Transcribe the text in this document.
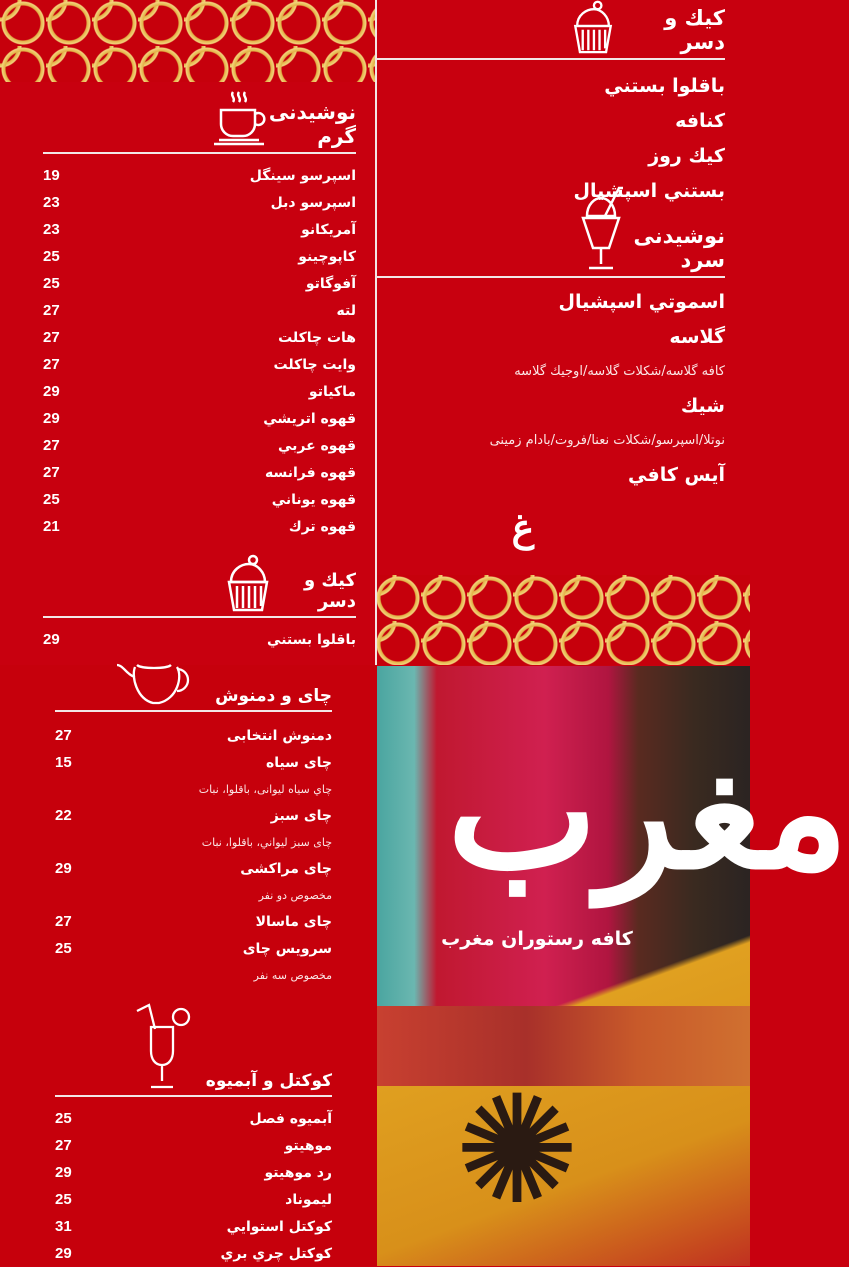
نوشیدنی گرم
اسپرسو سینگل
19
اسپرسو دبل
23
آمریکانو
23
کاپوچینو
25
آفوگاتو
25
لته
27
هات چاکلت
27
وایت چاکلت
27
ماکیاتو
29
قهوه اتریشي
29
قهوه عربي
27
قهوه فرانسه
27
قهوه یوناني
25
قهوه ترك
21
کیك و دسر
باقلوا بستني
29
کیك و دسر
باقلوا بستني
کنافه
کیك روز
بستني اسپشیال
نوشیدنی سرد
اسموتي اسپشیال
گلاسه
کافه گلاسه/شکلات گلاسه/اوجیك گلاسه
شیك
نوتلا/اسپرسو/شکلات نعنا/فروت/بادام زمینی
آیس کافي
غ
چای و دمنوش
دمنوش انتخابی
27
چای سیاه
15
چاي سیاه لیوانی، باقلوا، نبات
چای سبز
22
چای سبز لیواني، باقلوا، نبات
چای مراکشی
29
مخصوص دو نفر
چای ماسالا
27
سرویس چای
25
مخصوص سه نفر
کوکتل و آبمیوه
آبمیوه فصل
25
موهیتو
27
رد موهیتو
29
لیموناد
25
کوکتل استوایي
31
کوکتل چري بري
29
✺
مغرب
کافه رستوران مغرب
